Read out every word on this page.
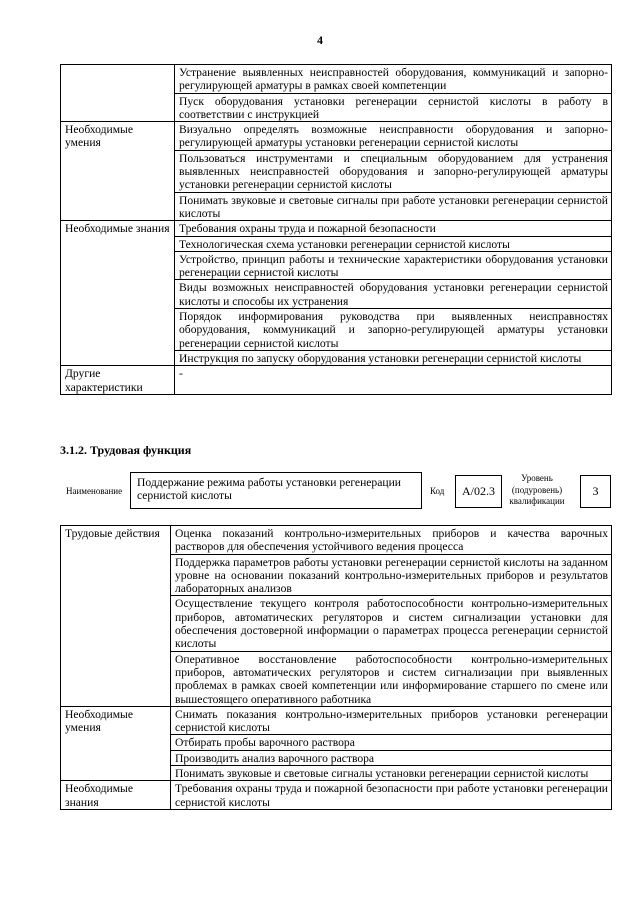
4
	Устранение выявленных неисправностей оборудования, коммуникаций и запорно-регулирующей арматуры в рамках своей компетенции
	Пуск оборудования установки регенерации сернистой кислоты в работу в соответствии с инструкцией
Необходимые умения	Визуально определять возможные неисправности оборудования и запорно-регулирующей арматуры установки регенерации сернистой кислоты
	Пользоваться инструментами и специальным оборудованием для устранения выявленных неисправностей оборудования и запорно-регулирующей арматуры установки регенерации сернистой кислоты
	Понимать звуковые и световые сигналы при работе установки регенерации сернистой кислоты
Необходимые знания	Требования охраны труда и пожарной безопасности
	Технологическая схема установки регенерации сернистой кислоты
	Устройство, принцип работы и технические характеристики оборудования установки регенерации сернистой кислоты
	Виды возможных неисправностей оборудования установки регенерации сернистой кислоты и способы их устранения
	Порядок информирования руководства при выявленных неисправностях оборудования, коммуникаций и запорно-регулирующей арматуры установки регенерации сернистой кислоты
	Инструкция по запуску оборудования установки регенерации сернистой кислоты
Другие характеристики	-
3.1.2. Трудовая функция
Наименование
Поддержание режима работы установки регенерации сернистой кислоты	Код	А/02.3
Уровень (подуровень) квалификации
3
Трудовые действия	Оценка показаний контрольно-измерительных приборов и качества варочных растворов для обеспечения устойчивого ведения процесса
	Поддержка параметров работы установки регенерации сернистой кислоты на заданном уровне на основании показаний контрольно-измерительных приборов и результатов лабораторных анализов
	Осуществление текущего контроля работоспособности контрольно-измерительных приборов, автоматических регуляторов и систем сигнализации установки для обеспечения достоверной информации о параметрах процесса регенерации сернистой кислоты
	Оперативное восстановление работоспособности контрольно-измерительных приборов, автоматических регуляторов и систем сигнализации при выявленных проблемах в рамках своей компетенции или информирование старшего по смене или вышестоящего оперативного работника
Необходимые умения	Снимать показания контрольно-измерительных приборов установки регенерации сернистой кислоты
	Отбирать пробы варочного раствора
	Производить анализ варочного раствора
	Понимать звуковые и световые сигналы установки регенерации сернистой кислоты
Необходимые знания	Требования охраны труда и пожарной безопасности при работе установки регенерации сернистой кислоты
